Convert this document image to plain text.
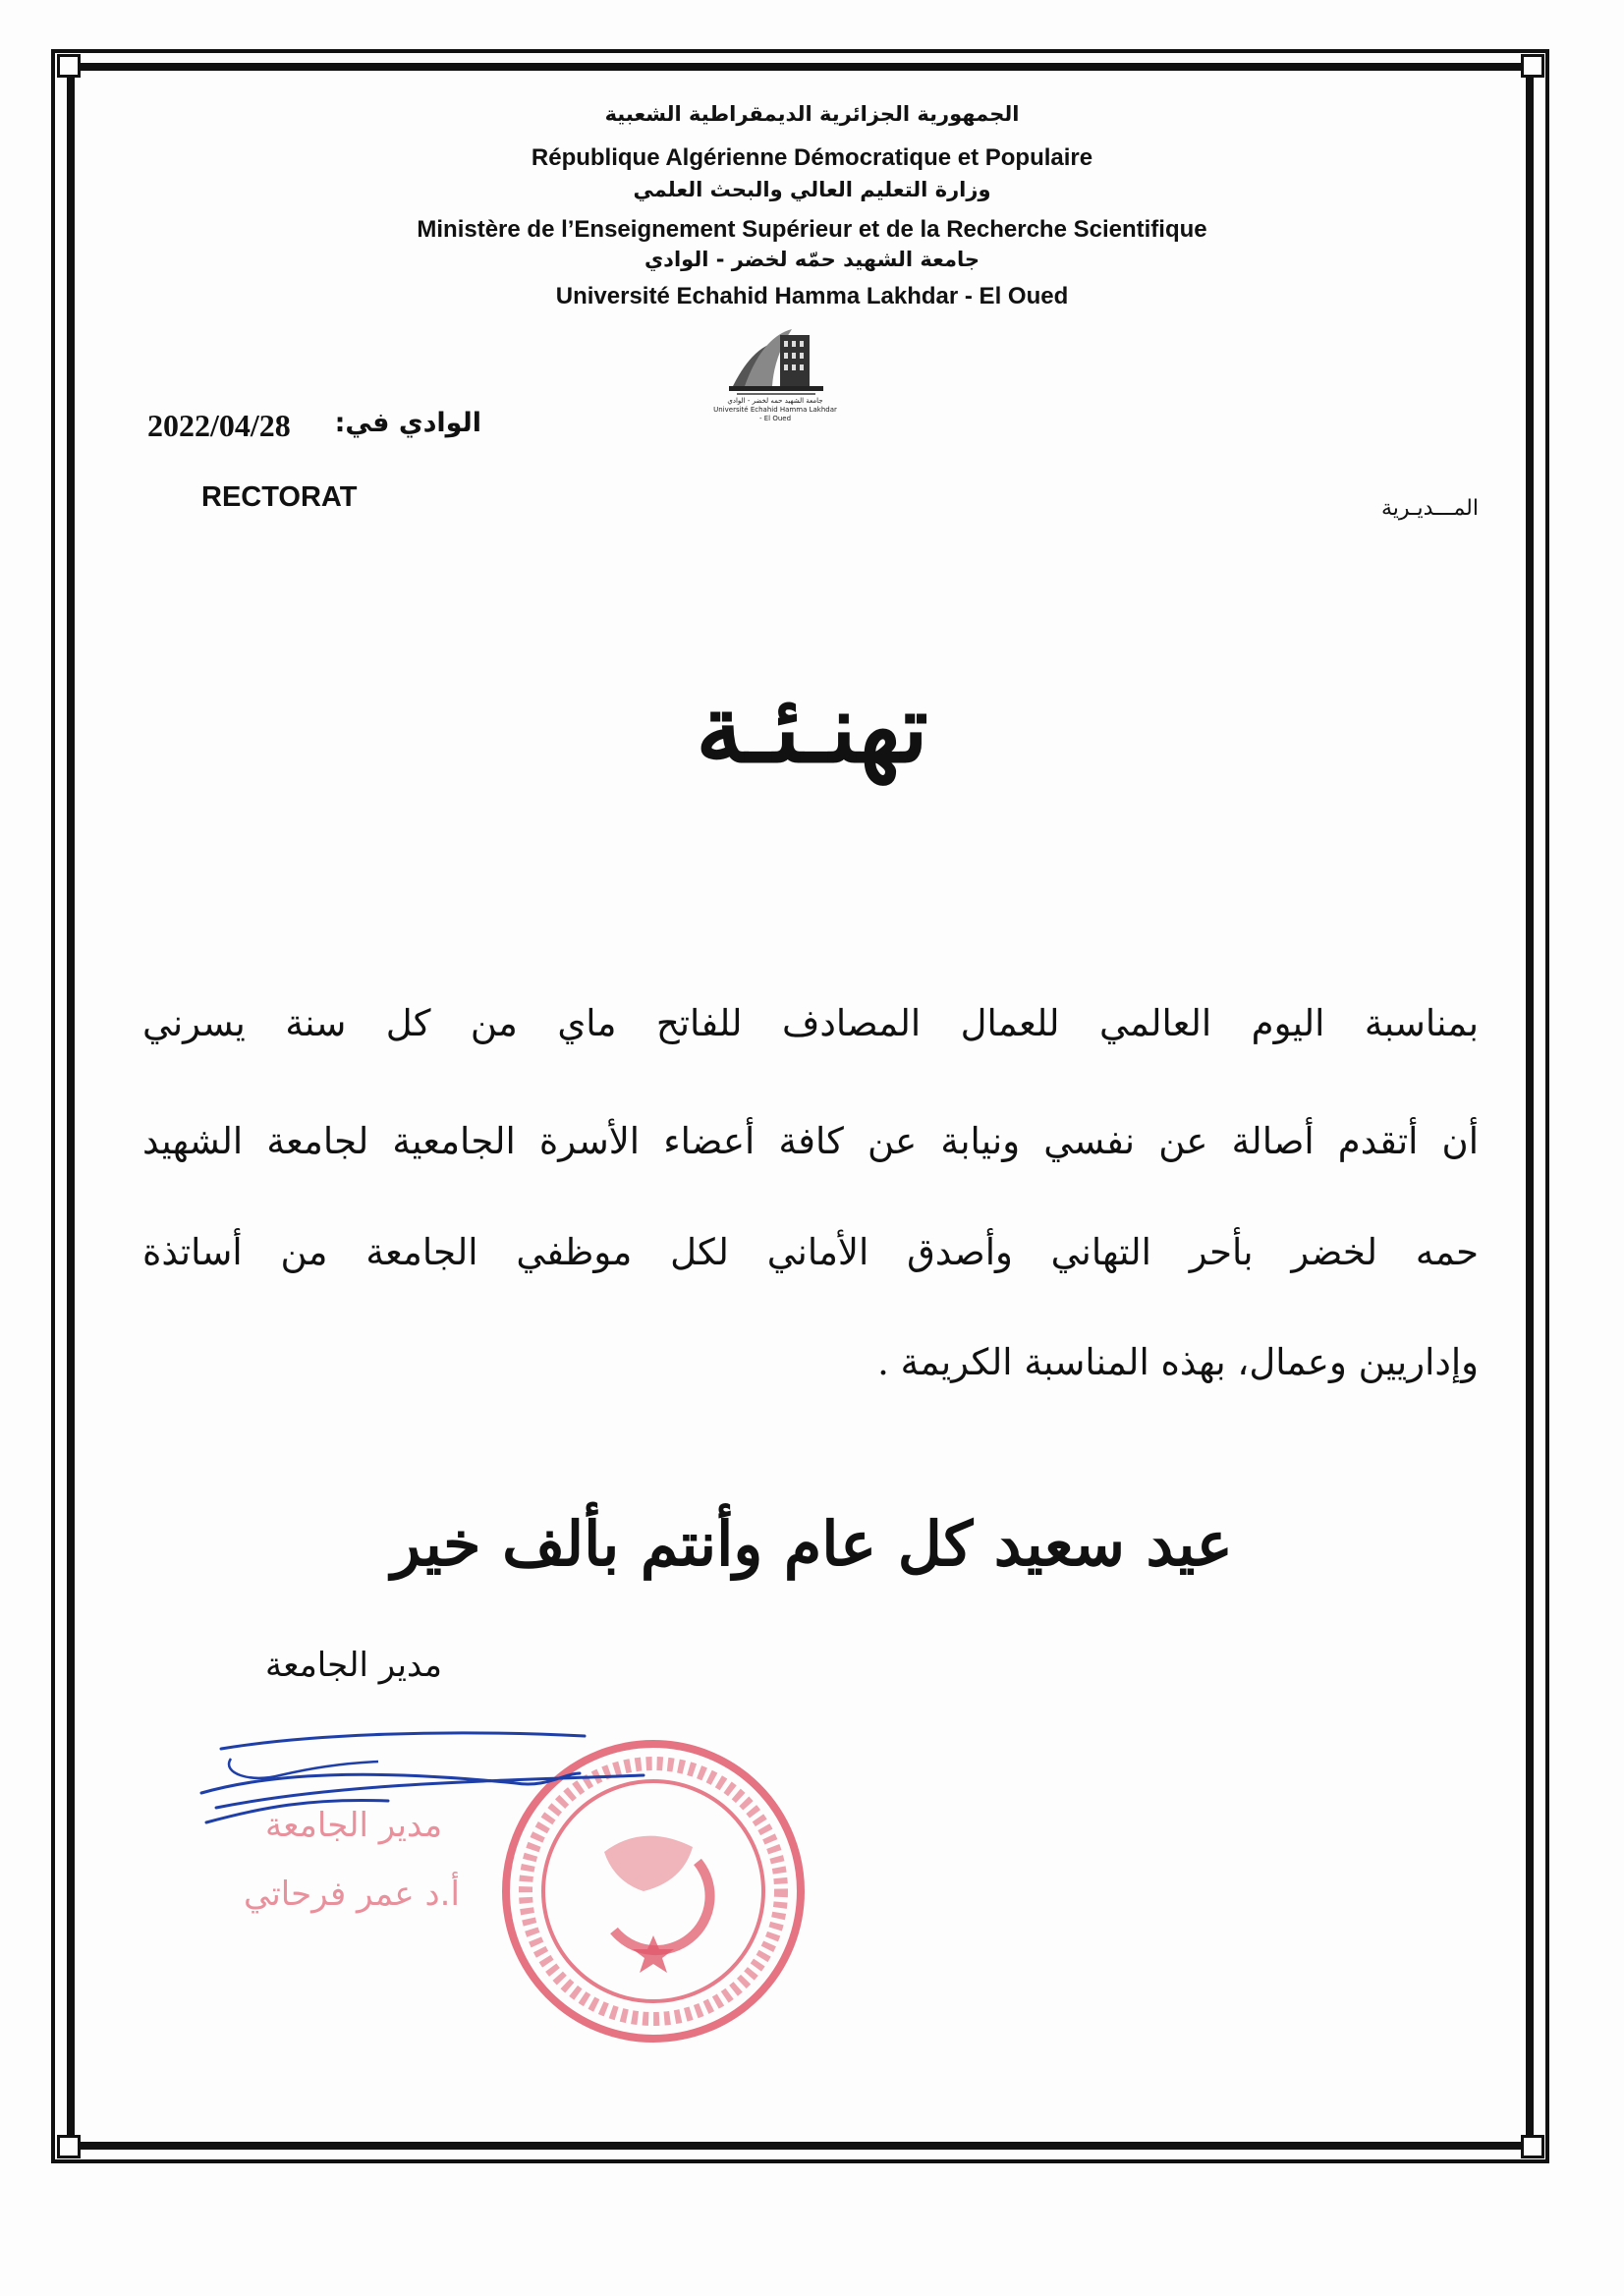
الجمهورية الجزائرية الديمقراطية الشعبية
République Algérienne Démocratique et Populaire
وزارة التعليم العالي والبحث العلمي
Ministère de l’Enseignement Supérieur et de la Recherche Scientifique
جامعة الشهيد حمّه لخضر - الوادي
Université Echahid Hamma Lakhdar - El Oued
جامعة الشهيد حمه لخضر - الوادي
Université Echahid Hamma Lakhdar - El Oued
الوادي في:
2022/04/28
RECTORAT	المـــديـرية
تهنـئـة
بمناسبة اليوم العالمي للعمال المصادف للفاتح ماي من كل سنة يسرني
أن أتقدم أصالة عن نفسي ونيابة عن كافة أعضاء الأسرة الجامعية لجامعة الشهيد
حمه لخضر بأحر التهاني وأصدق الأماني لكل موظفي الجامعة من أساتذة
وإداريين وعمال، بهذه المناسبة الكريمة .
عيد سعيد كل عام وأنتم بألف خير
مدير الجامعة
مدير الجامعة
أ.د عمر فرحاتي
